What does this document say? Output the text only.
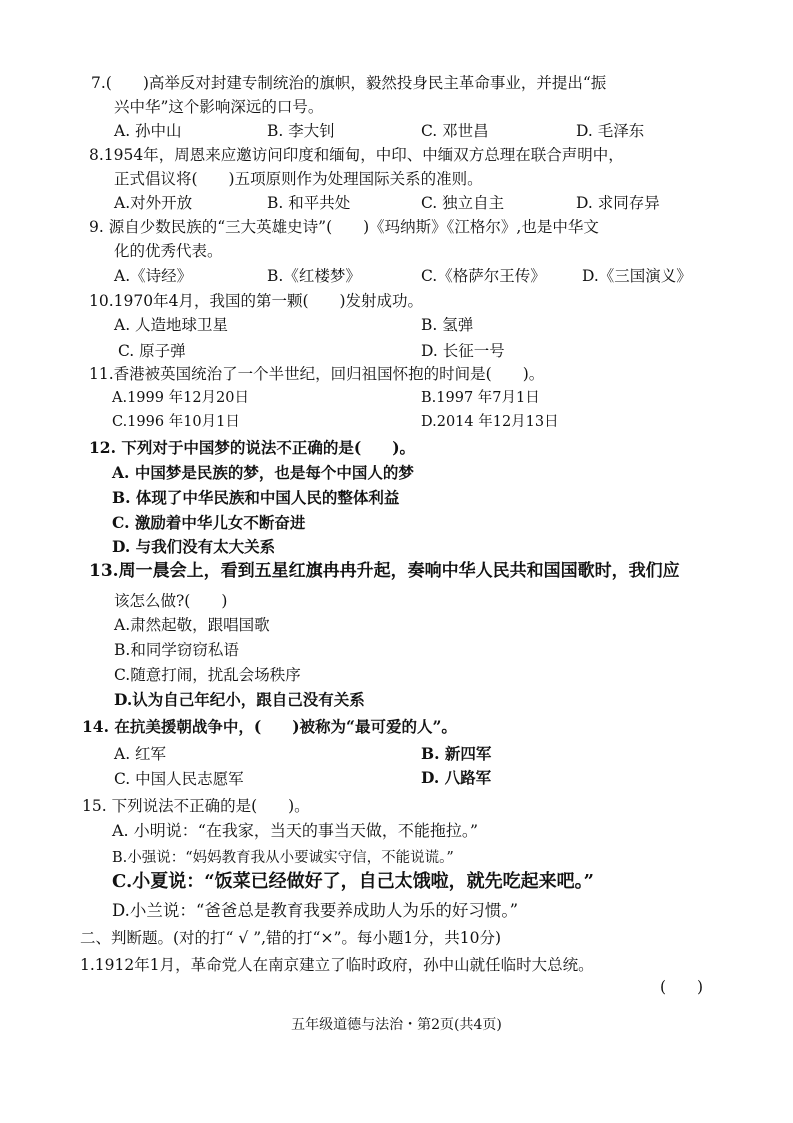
7.(　　)高举反对封建专制统治的旗帜，毅然投身民主革命事业，并提出“振
兴中华”这个影响深远的口号。
A. 孙中山	B. 李大钊	C. 邓世昌	D. 毛泽东
8.1954年，周恩来应邀访问印度和缅甸，中印、中缅双方总理在联合声明中，
正式倡议将(　　)五项原则作为处理国际关系的准则。
A.对外开放	B. 和平共处	C. 独立自主	D. 求同存异
9. 源自少数民族的“三大英雄史诗”(　　)《玛纳斯》《江格尔》,也是中华文
化的优秀代表。
A.《诗经》	B.《红楼梦》	C.《格萨尔王传》 D.《三国演义》
10.1970年4月，我国的第一颗(　　)发射成功。
A. 人造地球卫星	B. 氢弹
C. 原子弹	D. 长征一号
11.香港被英国统治了一个半世纪，回归祖国怀抱的时间是(　　)。
A.1999 年12月20日	B.1997 年7月1日
C.1996 年10月1日	D.2014 年12月13日
12. 下列对于中国梦的说法不正确的是(　　)。
A. 中国梦是民族的梦，也是每个中国人的梦
B. 体现了中华民族和中国人民的整体利益
C. 激励着中华儿女不断奋进
D. 与我们没有太大关系
13.周一晨会上，看到五星红旗冉冉升起，奏响中华人民共和国国歌时，我们应
该怎么做?(　　)
A.肃然起敬，跟唱国歌
B.和同学窃窃私语
C.随意打闹，扰乱会场秩序
D.认为自己年纪小，跟自己没有关系
14. 在抗美援朝战争中，(　　)被称为“最可爱的人”。
A. 红军	B. 新四军
C. 中国人民志愿军	D. 八路军
15. 下列说法不正确的是(　　)。
A. 小明说：“在我家，当天的事当天做，不能拖拉。”
B.小强说：“妈妈教育我从小要诚实守信，不能说谎。”
C.小夏说：“饭菜已经做好了，自己太饿啦，就先吃起来吧。”
D.小兰说：“爸爸总是教育我要养成助人为乐的好习惯。”
二、判断题。(对的打“ √ ”,错的打“×”。每小题1分，共10分)
1.1912年1月，革命党人在南京建立了临时政府，孙中山就任临时大总统。
(　　)
五年级道德与法治・第2页(共4页)
